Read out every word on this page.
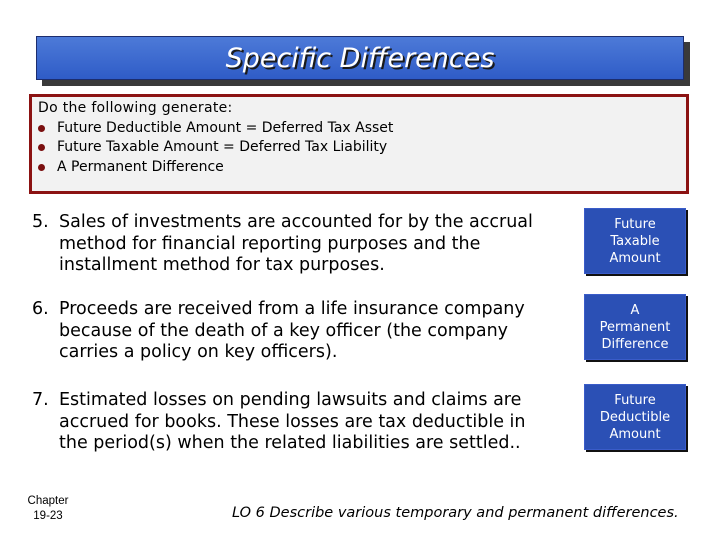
Specific Differences
Do the following generate:
Future Deductible Amount = Deferred Tax Asset
Future Taxable Amount = Deferred Tax Liability
A Permanent Difference
5. Sales of investments are accounted for by the accrual
method for financial reporting purposes and the
installment method for tax purposes.
Future
Taxable
Amount
6. Proceeds are received from a life insurance company
because of the death of a key officer (the company
carries a policy on key officers).
A
Permanent
Difference
7. Estimated losses on pending lawsuits and claims are
accrued for books. These losses are tax deductible in
the period(s) when the related liabilities are settled..
Future
Deductible
Amount
Chapter
19-23	LO 6 Describe various temporary and permanent differences.
